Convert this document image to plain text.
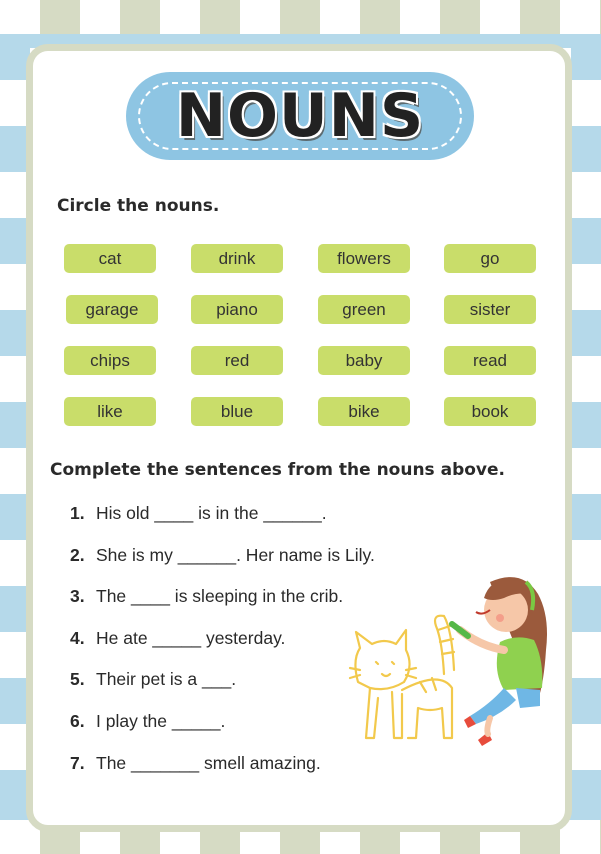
NOUNS
Circle the nouns.
cat	drink	flowers	go
garage	piano	green	sister
chips	red	baby	read
like	blue	bike	book
Complete the sentences from the nouns above.
1. His old ____ is in the ______.
2. She is my ______. Her name is Lily.
3. The ____ is sleeping in the crib.
4. He ate _____ yesterday.
5. Their pet is a ___.
6. I play the _____.
7. The _______ smell amazing.
